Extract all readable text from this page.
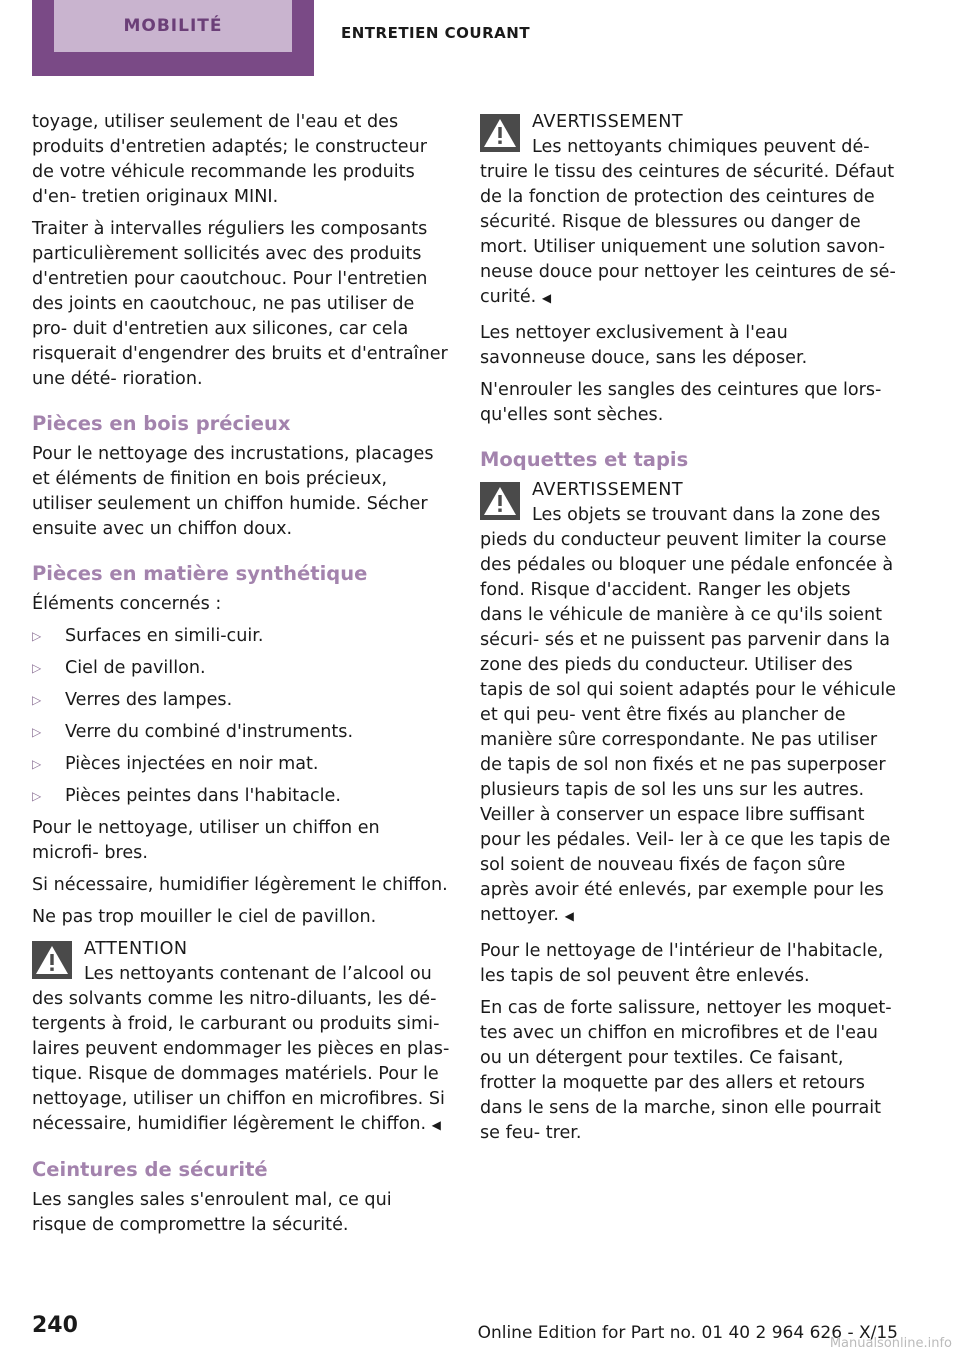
MOBILITÉ	ENTRETIEN COURANT

toyage, utiliser seulement de l'eau et des produits d'entretien adaptés; le constructeur de votre véhicule recommande les produits d'en‐ tretien originaux MINI.

Traiter à intervalles réguliers les composants particulièrement sollicités avec des produits d'entretien pour caoutchouc. Pour l'entretien des joints en caoutchouc, ne pas utiliser de pro‐ duit d'entretien aux silicones, car cela risquerait d'engendrer des bruits et d'entraîner une dété‐ rioration.

Pièces en bois précieux

Pour le nettoyage des incrustations, placages et éléments de finition en bois précieux, utiliser seulement un chiffon humide. Sécher ensuite avec un chiffon doux.

Pièces en matière synthétique

Éléments concernés :

▷	Surfaces en simili-cuir.
▷	Ciel de pavillon.
▷	Verres des lampes.
▷	Verre du combiné d'instruments.
▷	Pièces injectées en noir mat.
▷	Pièces peintes dans l'habitacle.

Pour le nettoyage, utiliser un chiffon en microfi‐ bres.

Si nécessaire, humidifier légèrement le chiffon.

Ne pas trop mouiller le ciel de pavillon.

ATTENTION
Les nettoyants contenant de l’alcool ou
des solvants comme les nitro-diluants, les dé‐ tergents à froid, le carburant ou produits simi‐ laires peuvent endommager les pièces en plas‐ tique. Risque de dommages matériels. Pour le nettoyage, utiliser un chiffon en microfibres. Si nécessaire, humidifier légèrement le chiffon. ◀
Ceintures de sécurité

Les sangles sales s'enroulent mal, ce qui risque de compromettre la sécurité.

AVERTISSEMENT
Les nettoyants chimiques peuvent dé‐
truire le tissu des ceintures de sécurité. Défaut de la fonction de protection des ceintures de sécurité. Risque de blessures ou danger de mort. Utiliser uniquement une solution savon‐ neuse douce pour nettoyer les ceintures de sé‐ curité. ◀

Les nettoyer exclusivement à l'eau savonneuse douce, sans les déposer.

N'enrouler les sangles des ceintures que lors‐ qu'elles sont sèches.

Moquettes et tapis
AVERTISSEMENT
Les objets se trouvant dans la zone des
pieds du conducteur peuvent limiter la course des pédales ou bloquer une pédale enfoncée à fond. Risque d'accident. Ranger les objets dans le véhicule de manière à ce qu'ils soient sécuri‐ sés et ne puissent pas parvenir dans la zone des pieds du conducteur. Utiliser des tapis de sol qui soient adaptés pour le véhicule et qui peu‐ vent être fixés au plancher de manière sûre correspondante. Ne pas utiliser de tapis de sol non fixés et ne pas superposer plusieurs tapis de sol les uns sur les autres. Veiller à conserver un espace libre suffisant pour les pédales. Veil‐ ler à ce que les tapis de sol soient de nouveau fixés de façon sûre après avoir été enlevés, par exemple pour les nettoyer. ◀

Pour le nettoyage de l'intérieur de l'habitacle, les tapis de sol peuvent être enlevés.

En cas de forte salissure, nettoyer les moquet‐ tes avec un chiffon en microfibres et de l'eau ou un détergent pour textiles. Ce faisant, frotter la moquette par des allers et retours dans le sens de la marche, sinon elle pourrait se feu‐ trer.

240	Online Edition for Part no. 01 40 2 964 626 - X/15
Manualsonline.info
